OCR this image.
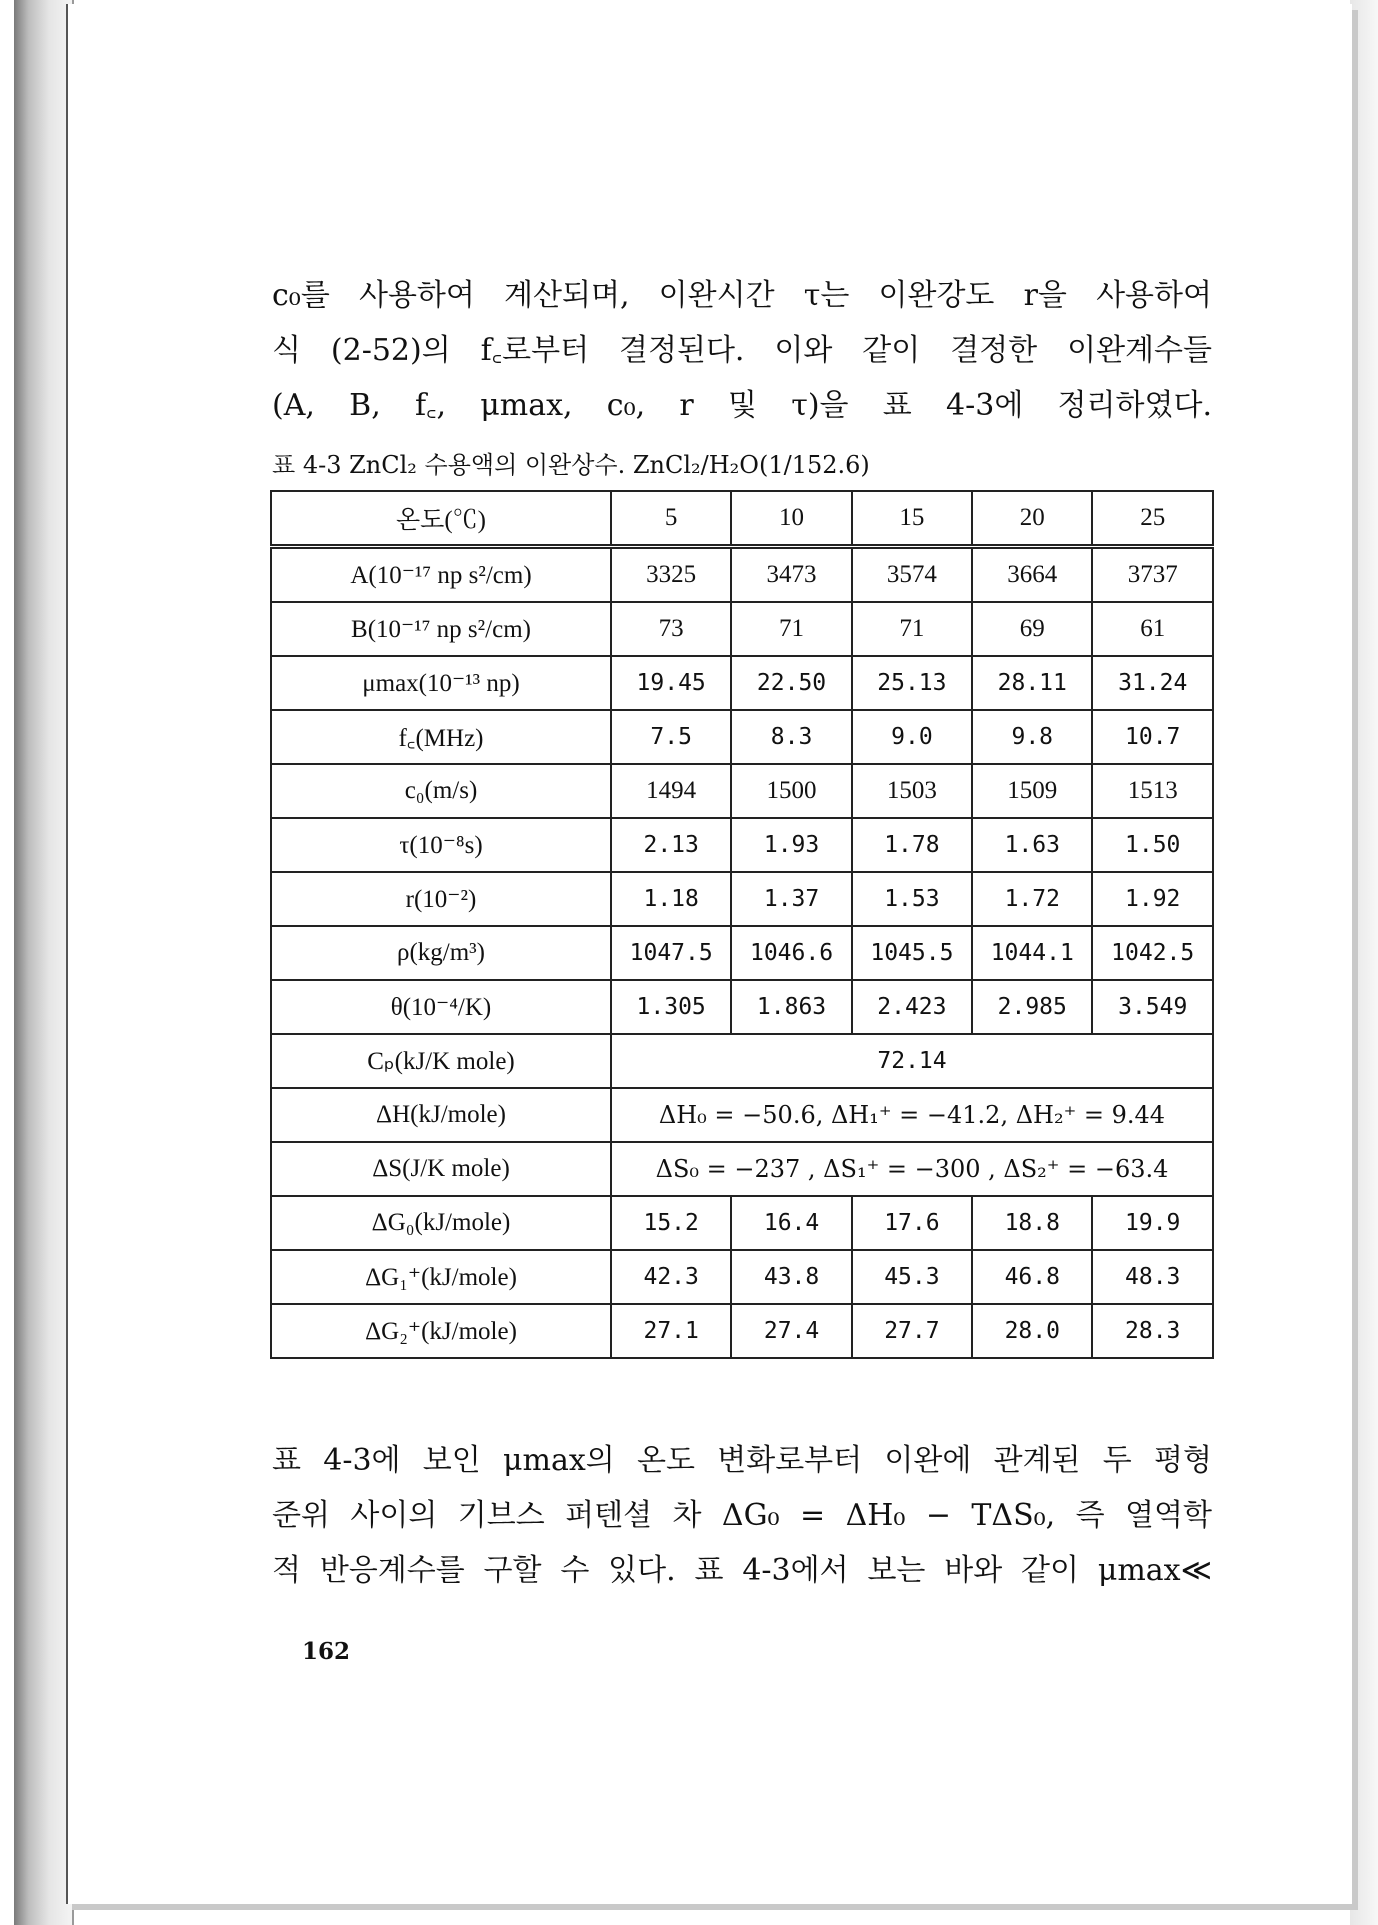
c₀를 사용하여 계산되며, 이완시간 τ는 이완강도 r을 사용하여
식 (2-52)의 f꜀로부터 결정된다. 이와 같이 결정한 이완계수들
(A, B, f꜀, μmax, c₀, r 및 τ)을 표 4-3에 정리하였다.
표 4-3 ZnCl₂ 수용액의 이완상수. ZnCl₂/H₂O(1/152.6)
온도(℃)	5	10	15	20	25
A(10⁻¹⁷ np s²/cm)	3325	3473	3574	3664	3737
B(10⁻¹⁷ np s²/cm)	73	71	71	69	61
μmax(10⁻¹³ np)	19.45	22.50	25.13	28.11	31.24
f꜀(MHz)	7.5	8.3	9.0	9.8	10.7
c₀(m/s)	1494	1500	1503	1509	1513
τ(10⁻⁸s)	2.13	1.93	1.78	1.63	1.50
r(10⁻²)	1.18	1.37	1.53	1.72	1.92
ρ(kg/m³)	1047.5	1046.6	1045.5	1044.1	1042.5
θ(10⁻⁴/K)	1.305	1.863	2.423	2.985	3.549
Cₚ(kJ/K mole)	72.14				
ΔH(kJ/mole)	ΔH₀ = −50.6, ΔH₁⁺ = −41.2, ΔH₂⁺ = 9.44				
ΔS(J/K mole)	ΔS₀ = −237 , ΔS₁⁺ = −300 , ΔS₂⁺ = −63.4				
ΔG₀(kJ/mole)	15.2	16.4	17.6	18.8	19.9
ΔG₁⁺(kJ/mole)	42.3	43.8	45.3	46.8	48.3
ΔG₂⁺(kJ/mole)	27.1	27.4	27.7	28.0	28.3
표 4-3에 보인 μmax의 온도 변화로부터 이완에 관계된 두 평형
준위 사이의 기브스 퍼텐셜 차 ΔG₀ = ΔH₀ − TΔS₀, 즉 열역학
적 반응계수를 구할 수 있다. 표 4-3에서 보는 바와 같이 μmax≪
162
